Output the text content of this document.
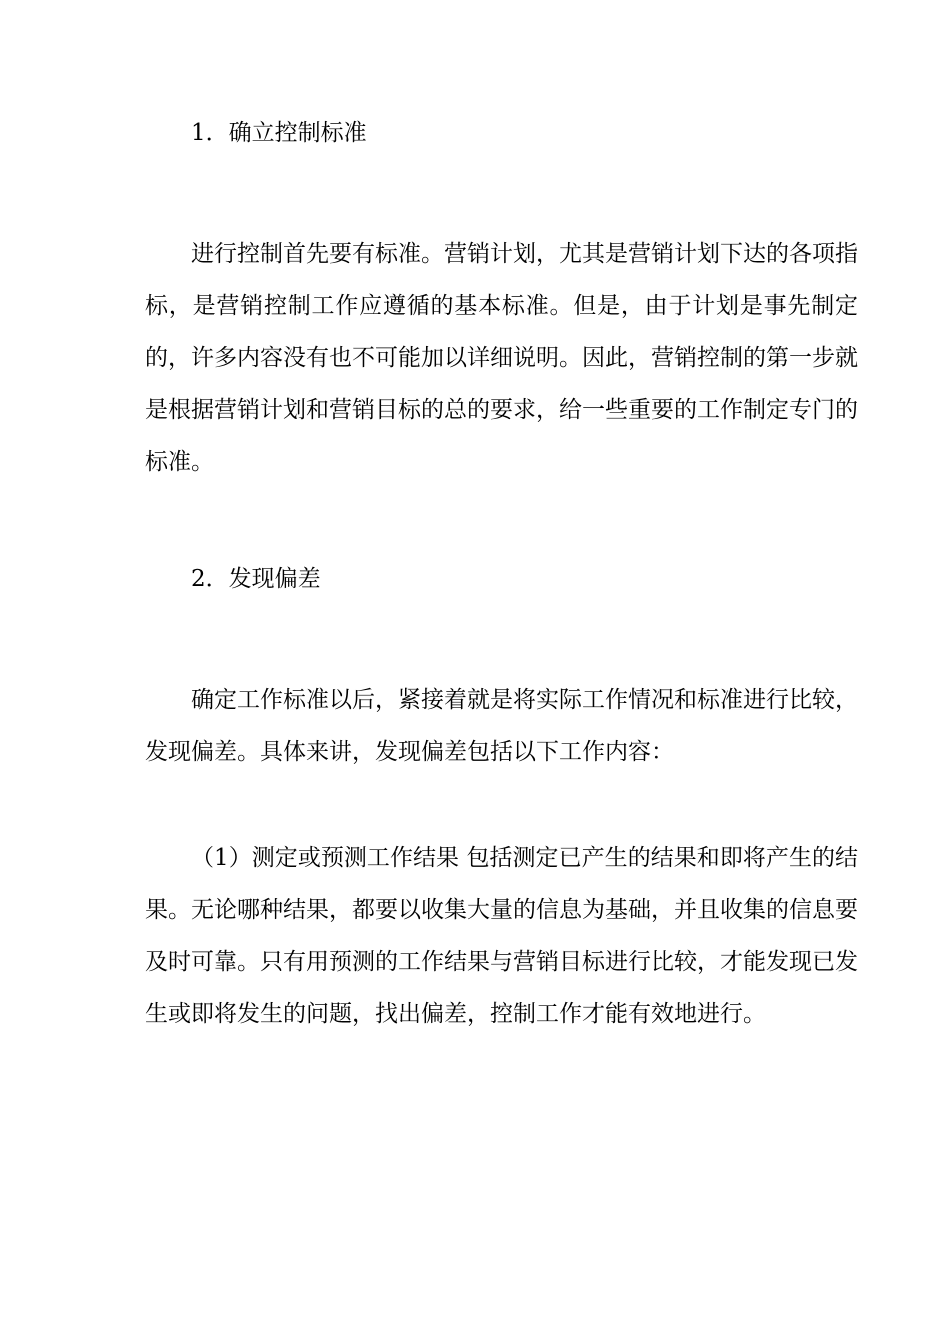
1．确立控制标准

进行控制首先要有标准。营销计划，尤其是营销计划下达的各项指标，是营销控制工作应遵循的基本标准。但是，由于计划是事先制定的，许多内容没有也不可能加以详细说明。因此，营销控制的第一步就是根据营销计划和营销目标的总的要求，给一些重要的工作制定专门的标准。

2．发现偏差

确定工作标准以后，紧接着就是将实际工作情况和标准进行比较，发现偏差。具体来讲，发现偏差包括以下工作内容：

（1）测定或预测工作结果 包括测定已产生的结果和即将产生的结果。无论哪种结果，都要以收集大量的信息为基础，并且收集的信息要及时可靠。只有用预测的工作结果与营销目标进行比较，才能发现已发生或即将发生的问题，找出偏差，控制工作才能有效地进行。
